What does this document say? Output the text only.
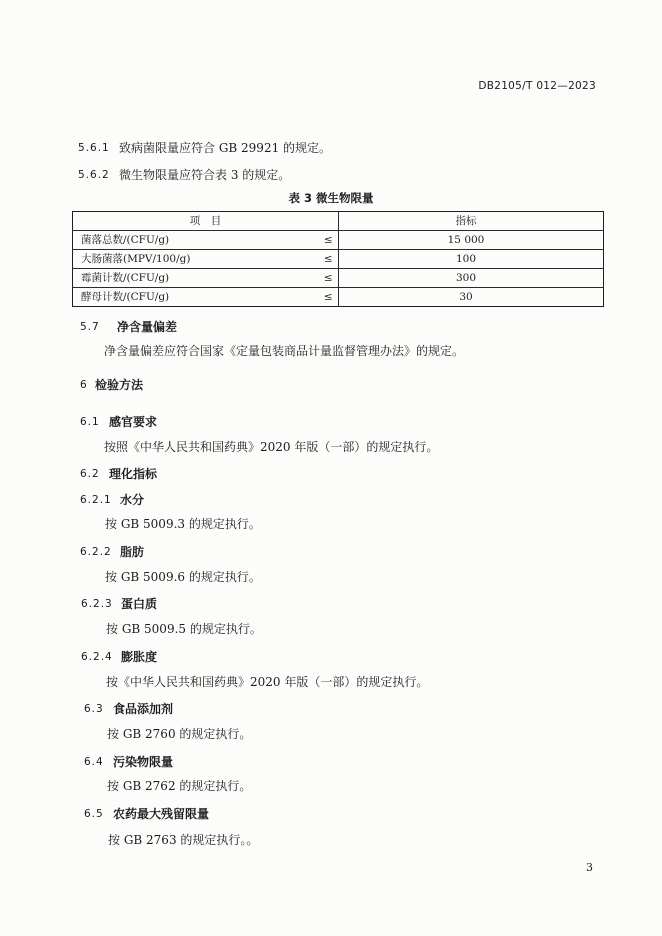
DB2105/T 012—2023
5.6.1 致病菌限量应符合 GB 29921 的规定。
5.6.2 微生物限量应符合表 3 的规定。
表 3 微生物限量
项　目		指标
菌落总数/(CFU/g)	≤	15 000
大肠菌落(MPV/100/g)	≤	100
霉菌计数/(CFU/g)	≤	300
酵母计数/(CFU/g)	≤	30
5.7 净含量偏差
净含量偏差应符合国家《定量包装商品计量监督管理办法》的规定。
6 检验方法
6.1 感官要求
按照《中华人民共和国药典》2020 年版（一部）的规定执行。
6.2 理化指标
6.2.1 水分
按 GB 5009.3 的规定执行。
6.2.2 脂肪
按 GB 5009.6 的规定执行。
6.2.3 蛋白质
按 GB 5009.5 的规定执行。
6.2.4 膨胀度
按《中华人民共和国药典》2020 年版（一部）的规定执行。
6.3 食品添加剂
按 GB 2760 的规定执行。
6.4 污染物限量
按 GB 2762 的规定执行。
6.5 农药最大残留限量
按 GB 2763 的规定执行。。
3
